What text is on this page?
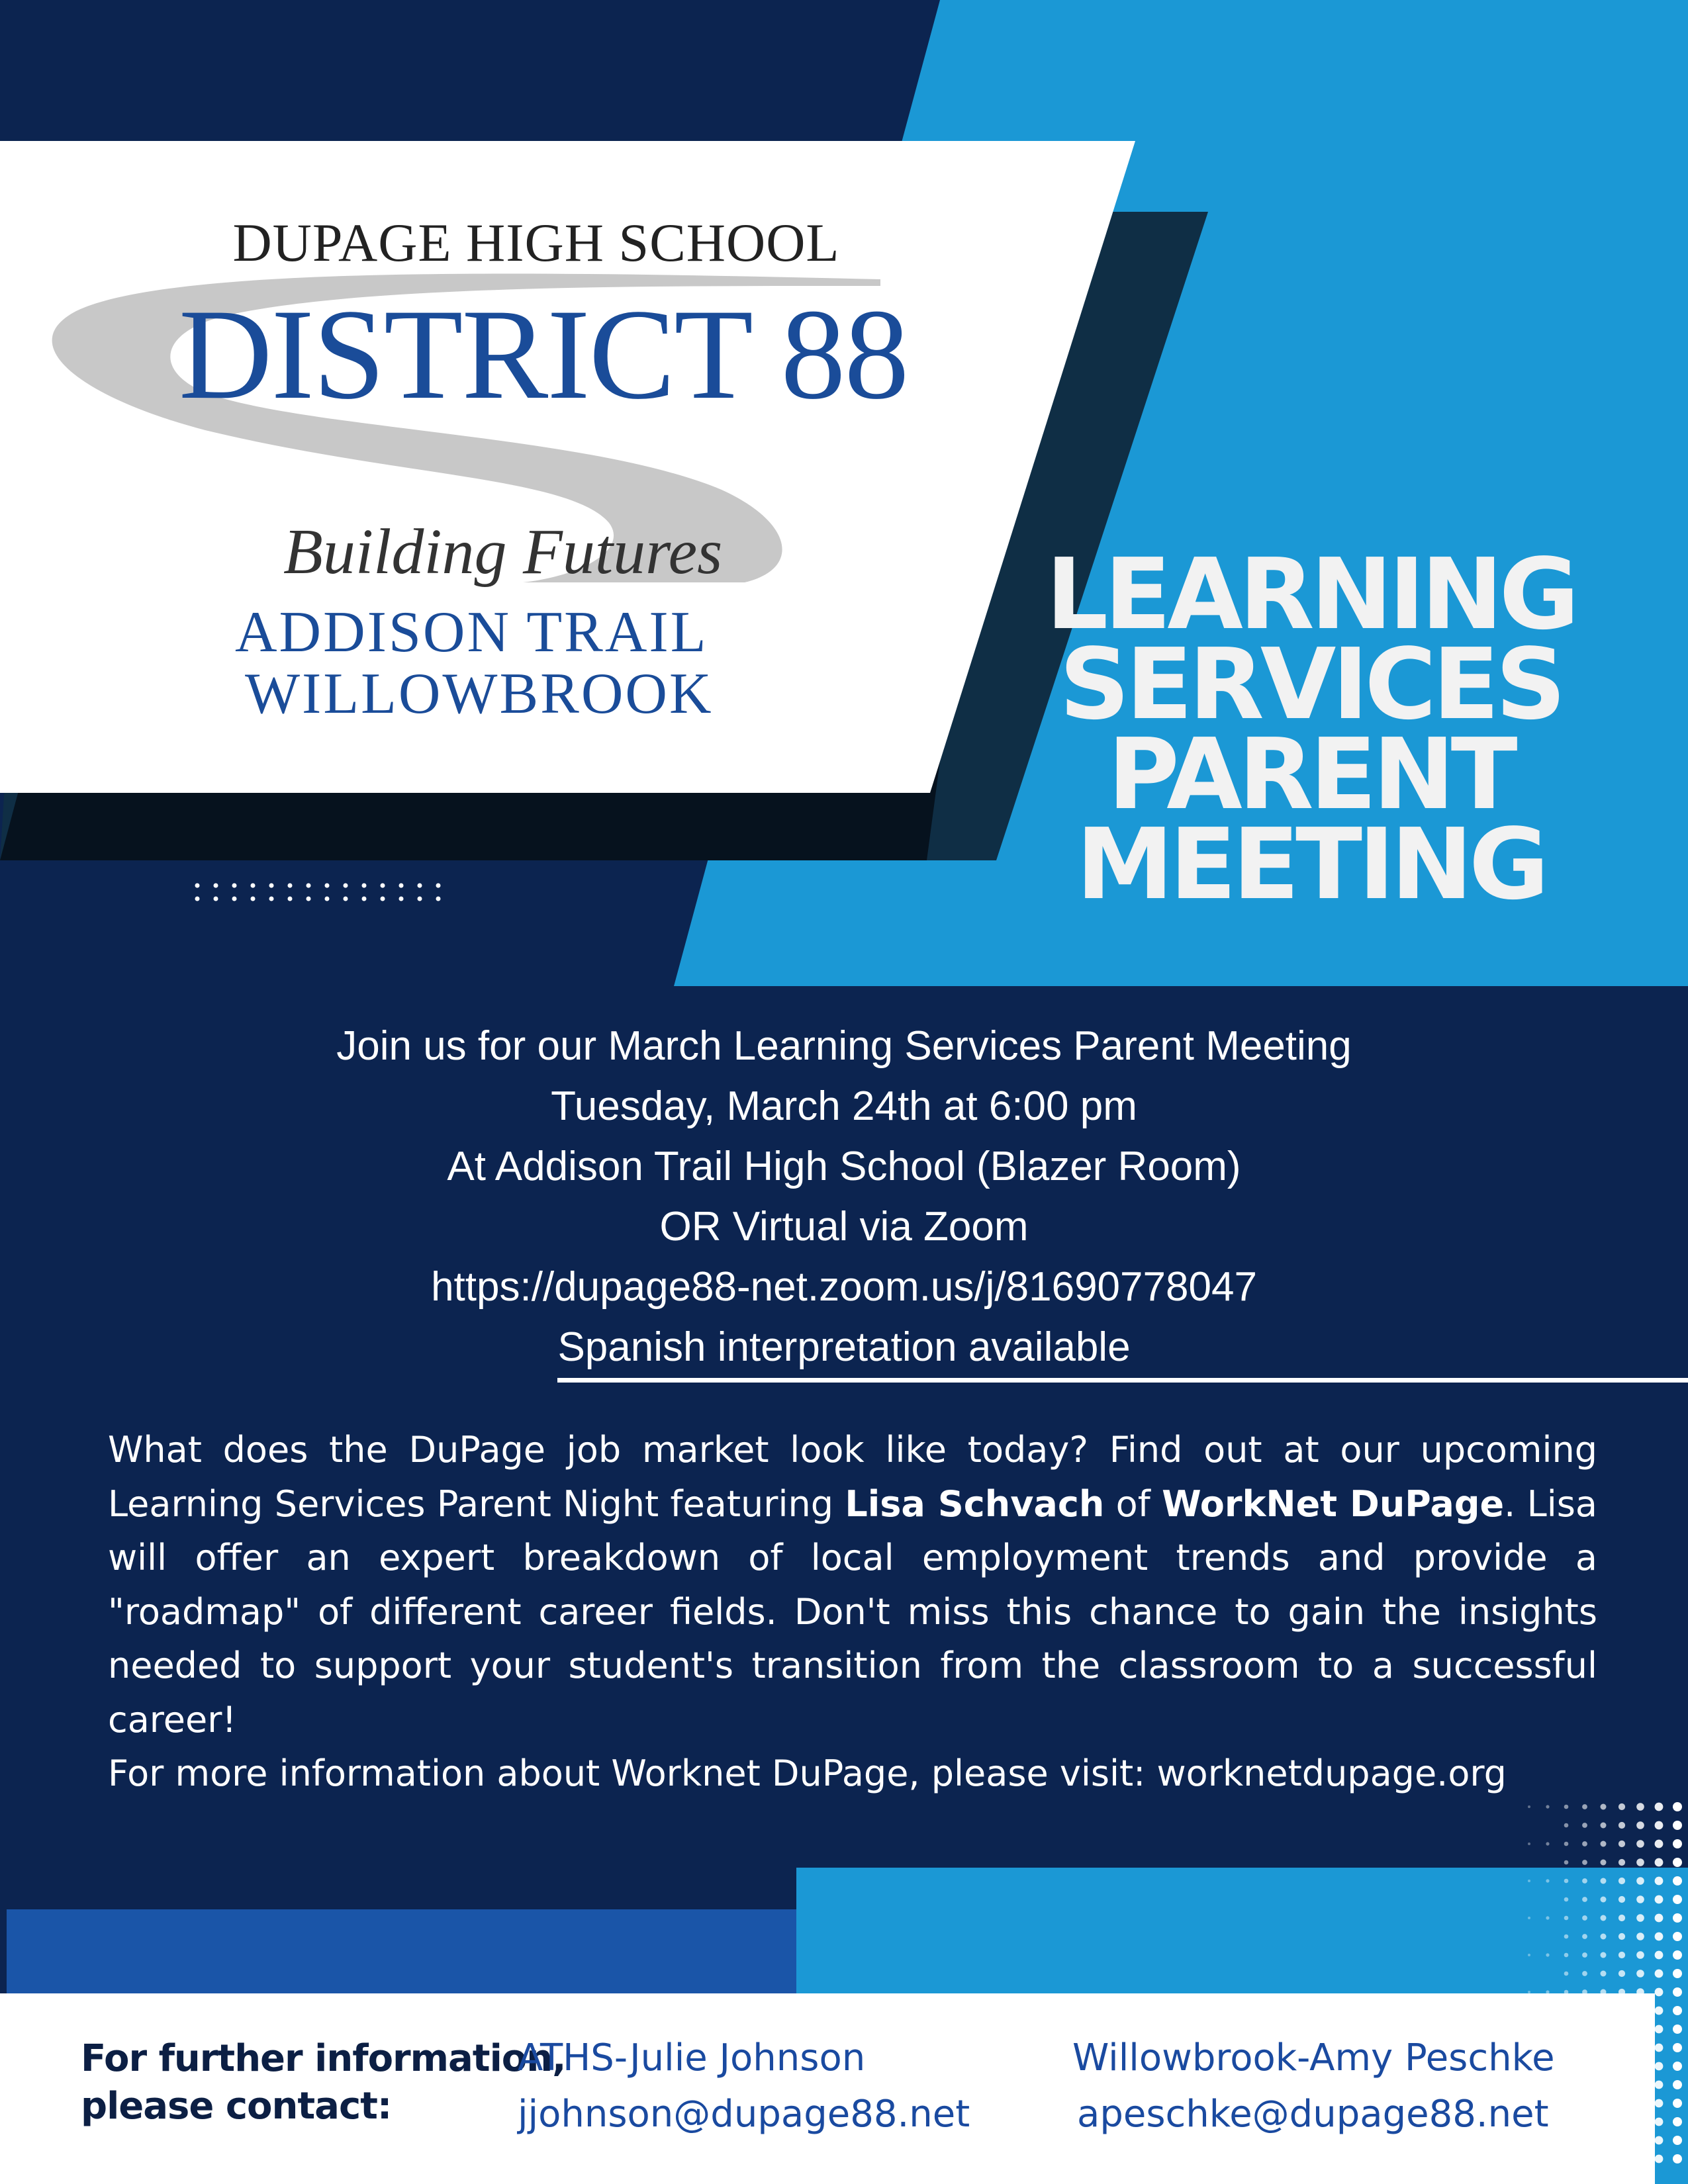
DUPAGE HIGH SCHOOL
DISTRICT 88
Building Futures
ADDISON TRAIL
WILLOWBROOK
LEARNING
SERVICES
PARENT
MEETING
Join us for our March Learning Services Parent Meeting
Tuesday, March 24th at 6:00 pm
At Addison Trail High School (Blazer Room)
OR Virtual via Zoom
https://dupage88-net.zoom.us/j/81690778047
Spanish interpretation available

What does the DuPage job market look like today? Find out at our upcoming Learning Services Parent Night featuring Lisa Schvach of WorkNet DuPage. Lisa will offer an expert breakdown of local employment trends and provide a "roadmap" of different career fields. Don't miss this chance to gain the insights needed to support your student's transition from the classroom to a successful career!

For more information about Worknet DuPage, please visit: worknetdupage.org

For further information,
please contact:
ATHS-Julie Johnson
jjohnson@dupage88.net
Willowbrook-Amy Peschke
apeschke@dupage88.net
